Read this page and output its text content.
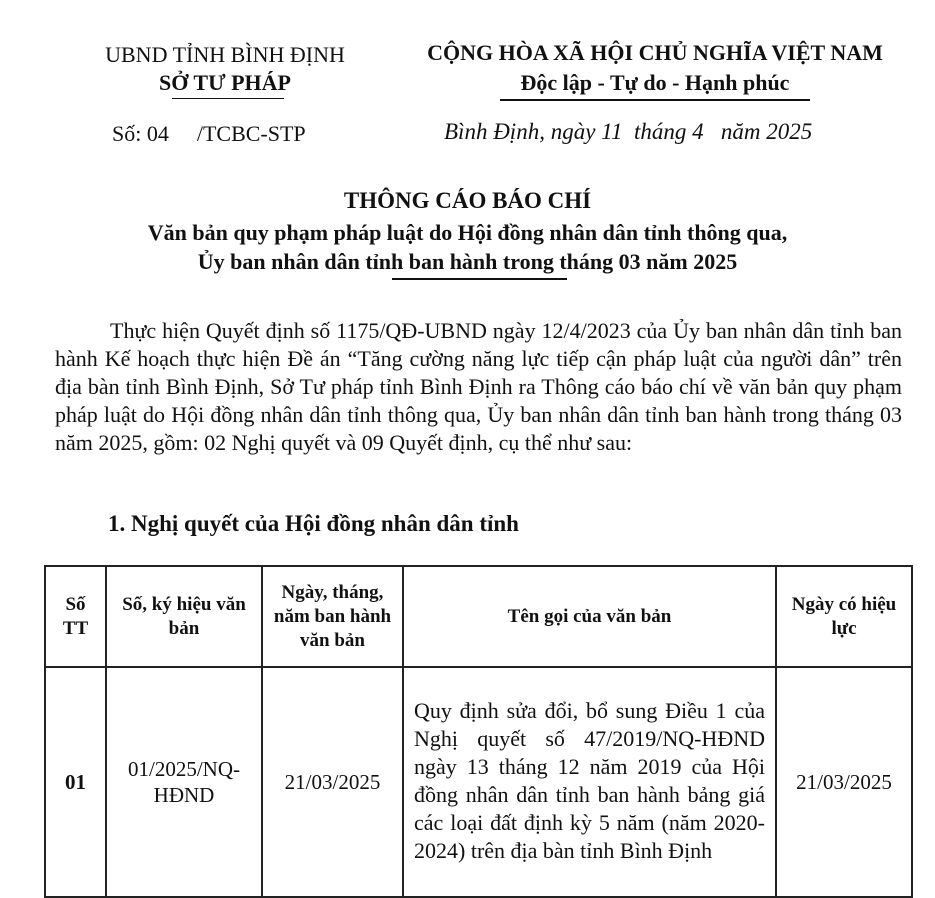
UBND TỈNH BÌNH ĐỊNH
SỞ TƯ PHÁP
CỘNG HÒA XÃ HỘI CHỦ NGHĨA VIỆT NAM
Độc lập - Tự do - Hạnh phúc
Số: 04 /TCBC-STP	Bình Định, ngày 11  tháng 4   năm 2025
THÔNG CÁO BÁO CHÍ
Văn bản quy phạm pháp luật do Hội đồng nhân dân tỉnh thông qua,
Ủy ban nhân dân tỉnh ban hành trong tháng 03 năm 2025
Thực hiện Quyết định số 1175/QĐ-UBND ngày 12/4/2023 của Ủy ban nhân dân tỉnh ban hành Kế hoạch thực hiện Đề án “Tăng cường năng lực tiếp cận pháp luật của người dân” trên địa bàn tỉnh Bình Định, Sở Tư pháp tỉnh Bình Định ra Thông cáo báo chí về văn bản quy phạm pháp luật do Hội đồng nhân dân tỉnh thông qua, Ủy ban nhân dân tỉnh ban hành trong tháng 03 năm 2025, gồm: 02 Nghị quyết và 09 Quyết định, cụ thể như sau:
1. Nghị quyết của Hội đồng nhân dân tỉnh
Số TT	Số, ký hiệu văn bản	Ngày, tháng, năm ban hành văn bản	Tên gọi của văn bản	Ngày có hiệu lực
01	01/2025/NQ-HĐND	21/03/2025	Quy định sửa đổi, bổ sung Điều 1 của Nghị quyết số 47/2019/NQ-HĐND ngày 13 tháng 12 năm 2019 của Hội đồng nhân dân tỉnh ban hành bảng giá các loại đất định kỳ 5 năm (năm 2020-2024) trên địa bàn tỉnh Bình Định	21/03/2025
